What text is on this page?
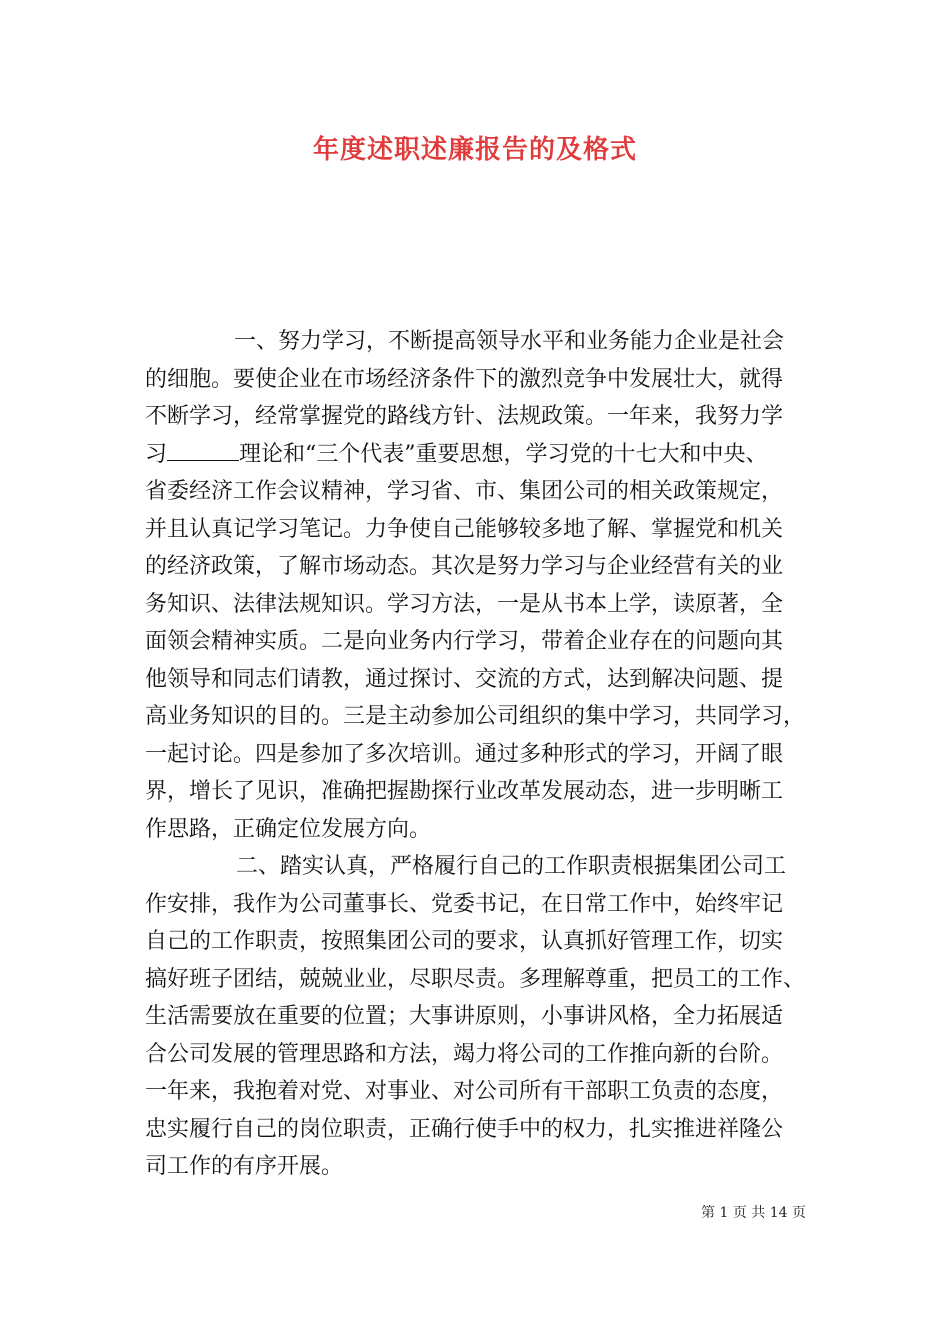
年度述职述廉报告的及格式
一、努力学习，不断提高领导水平和业务能力企业是社会
的细胞。要使企业在市场经济条件下的激烈竞争中发展壮大，就得
不断学习，经常掌握党的路线方针、法规政策。一年来，我努力学
习	理论和“三个代表”重要思想，学习党的十七大和中央、
省委经济工作会议精神，学习省、市、集团公司的相关政策规定，
并且认真记学习笔记。力争使自己能够较多地了解、掌握党和机关
的经济政策，了解市场动态。其次是努力学习与企业经营有关的业
务知识、法律法规知识。学习方法，一是从书本上学，读原著，全
面领会精神实质。二是向业务内行学习，带着企业存在的问题向其
他领导和同志们请教，通过探讨、交流的方式，达到解决问题、提
高业务知识的目的。三是主动参加公司组织的集中学习，共同学习，
一起讨论。四是参加了多次培训。通过多种形式的学习，开阔了眼
界，增长了见识，准确把握勘探行业改革发展动态，进一步明晰工
作思路，正确定位发展方向。
二、踏实认真，严格履行自己的工作职责根据集团公司工
作安排，我作为公司董事长、党委书记，在日常工作中，始终牢记
自己的工作职责，按照集团公司的要求，认真抓好管理工作，切实
搞好班子团结，兢兢业业，尽职尽责。多理解尊重，把员工的工作、
生活需要放在重要的位置；大事讲原则，小事讲风格，全力拓展适
合公司发展的管理思路和方法，竭力将公司的工作推向新的台阶。
一年来，我抱着对党、对事业、对公司所有干部职工负责的态度，
忠实履行自己的岗位职责，正确行使手中的权力，扎实推进祥隆公
司工作的有序开展。
第 1 页 共 14 页
